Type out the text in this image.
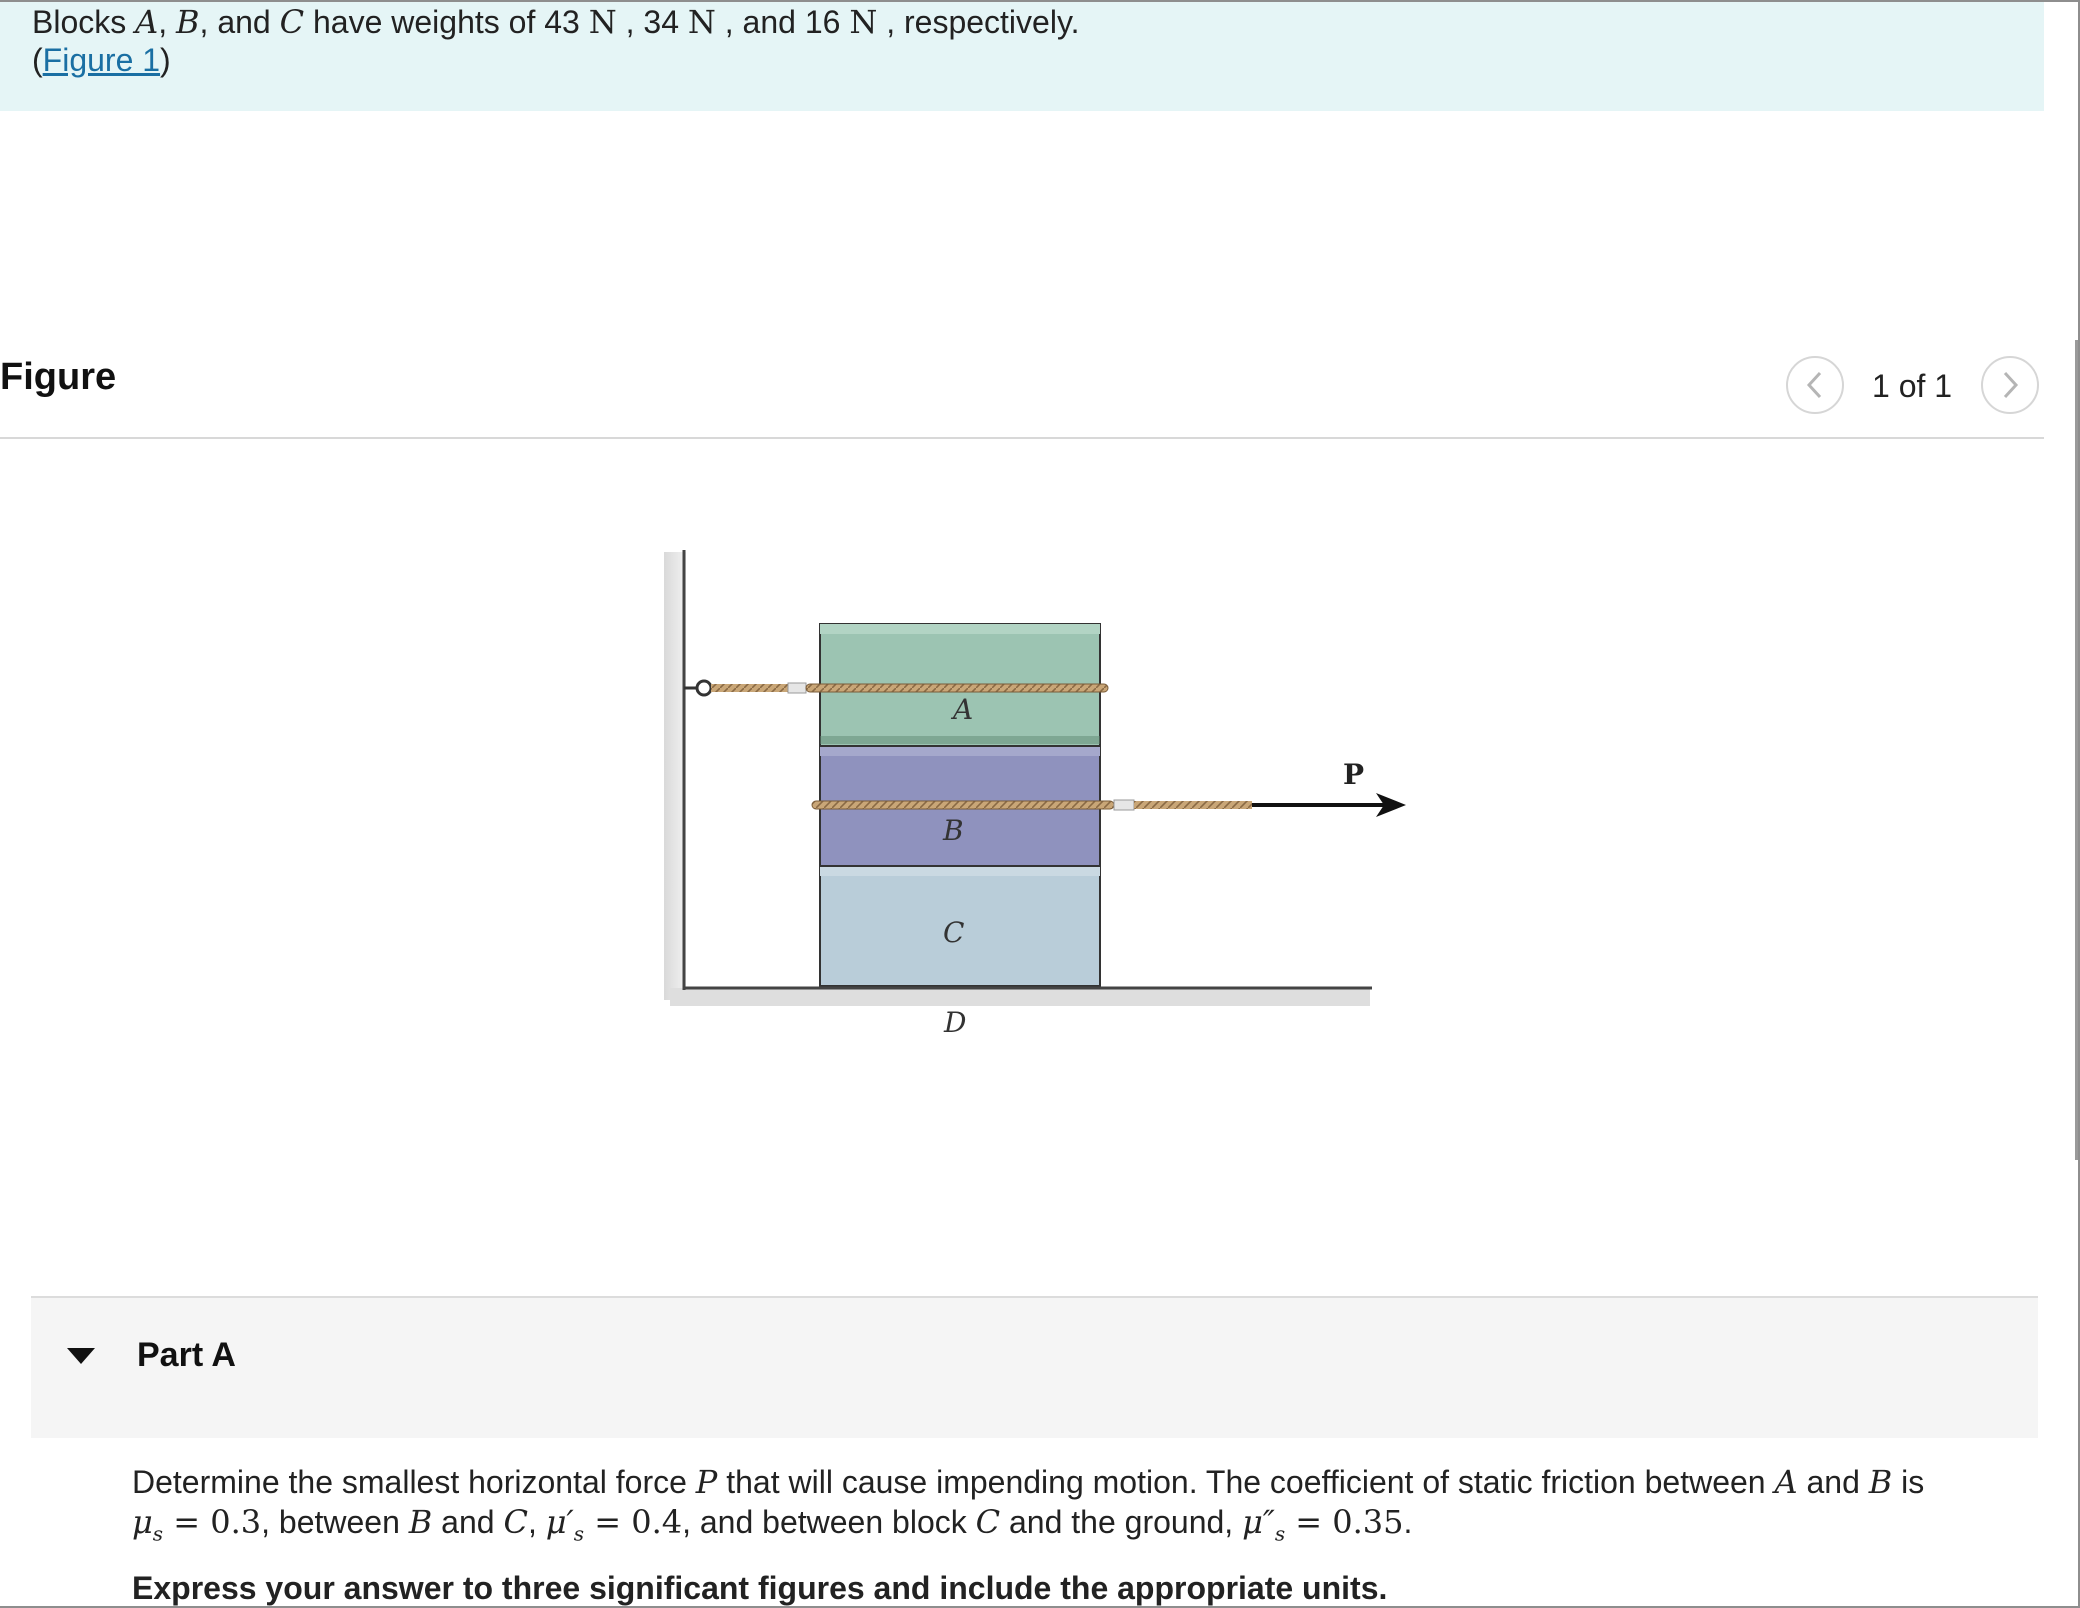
Blocks A, B, and C have weights of 43 N , 34 N , and 16 N , respectively.

(Figure 1)

Figure	1 of 1
A
B
C
D
P
Part A

Determine the smallest horizontal force P that will cause impending motion. The coefficient of static friction between A and B is
$\mu_s = 0.3$, between B and C, $\mu'_s = 0.4$, and between block C and the ground, $\mu''_s = 0.35$.

Express your answer to three significant figures and include the appropriate units.
